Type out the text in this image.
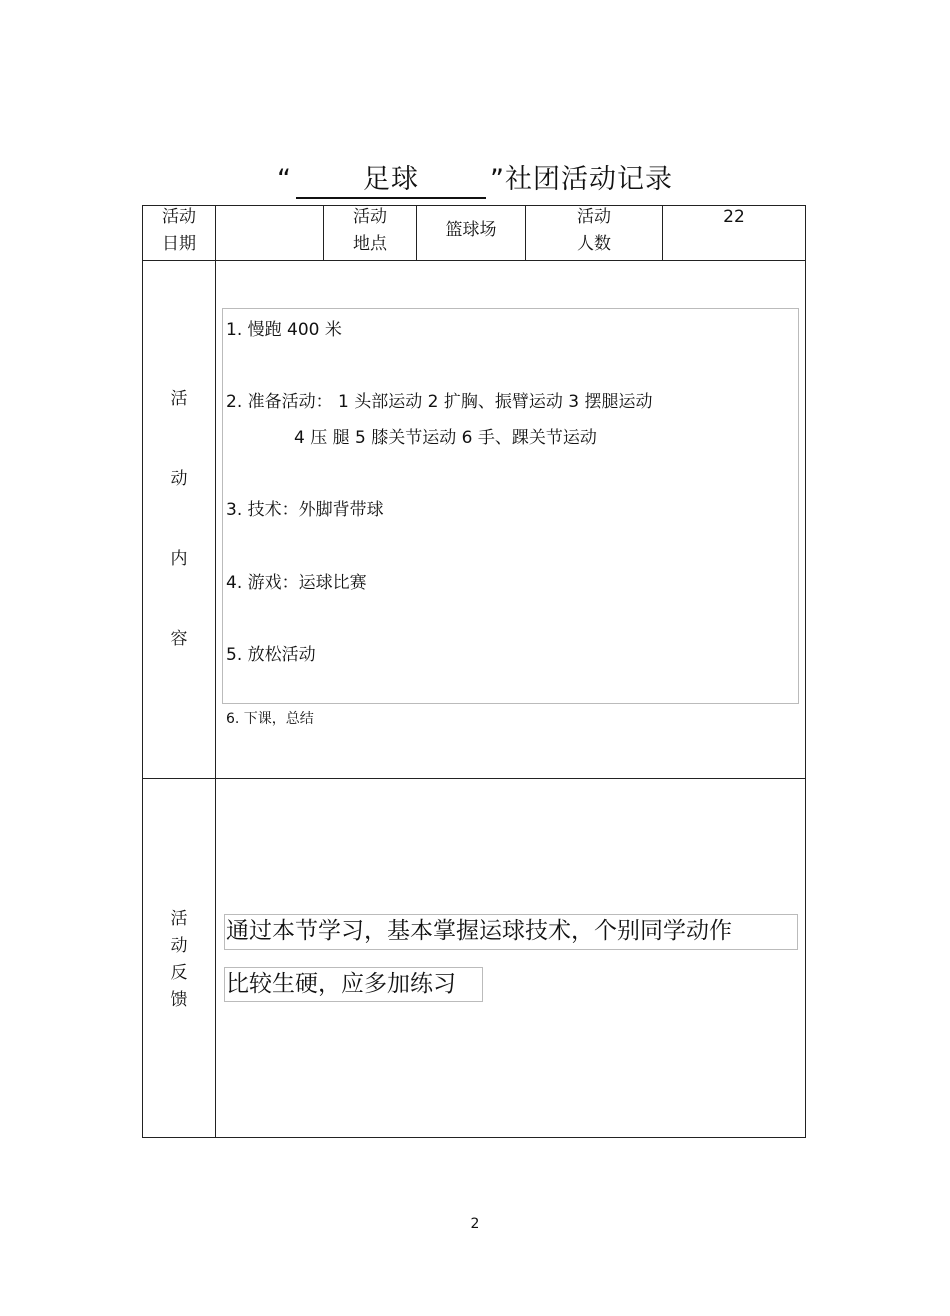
“	足球	”社团活动记录
活动
日期
活动
地点
篮球场
活动
人数
22
活
动
内
容
1. 慢跑 400 米
2. 准备活动： 1 头部运动 2 扩胸、振臂运动 3 摆腿运动
4 压 腿 5 膝关节运动 6 手、踝关节运动
3. 技术：外脚背带球
4. 游戏：运球比赛
5. 放松活动
6. 下课，总结
活
动
反
馈
通过本节学习，基本掌握运球技术，个别同学动作
比较生硬，应多加练习
2
